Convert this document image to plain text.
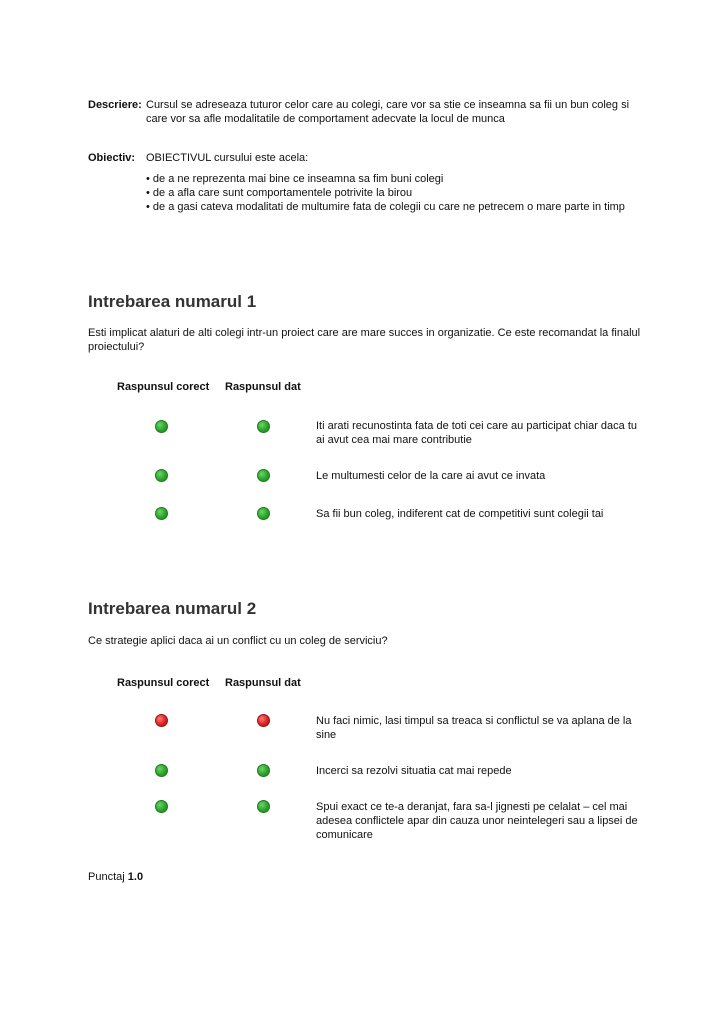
Descriere: Cursul se adreseaza tuturor celor care au colegi, care vor sa stie ce inseamna sa fii un bun coleg si care vor sa afle modalitatile de comportament adecvate la locul de munca
Obiectiv: OBIECTIVUL cursului este acela:
• de a ne reprezenta mai bine ce inseamna sa fim buni colegi
• de a afla care sunt comportamentele potrivite la birou
• de a gasi cateva modalitati de multumire fata de colegii cu care ne petrecem o mare parte in timp
Intrebarea numarul 1
Esti implicat alaturi de alti colegi intr-un proiect care are mare succes in organizatie. Ce este recomandat la finalul proiectului?
Raspunsul corect Raspunsul dat
Iti arati recunostinta fata de toti cei care au participat chiar daca tu ai avut cea mai mare contributie
Le multumesti celor de la care ai avut ce invata
Sa fii bun coleg, indiferent cat de competitivi sunt colegii tai
Intrebarea numarul 2
Ce strategie aplici daca ai un conflict cu un coleg de serviciu?
Raspunsul corect Raspunsul dat
Nu faci nimic, lasi timpul sa treaca si conflictul se va aplana de la sine
Incerci sa rezolvi situatia cat mai repede
Spui exact ce te-a deranjat, fara sa-l jignesti pe celalat – cel mai adesea conflictele apar din cauza unor neintelegeri sau a lipsei de comunicare
Punctaj 1.0
